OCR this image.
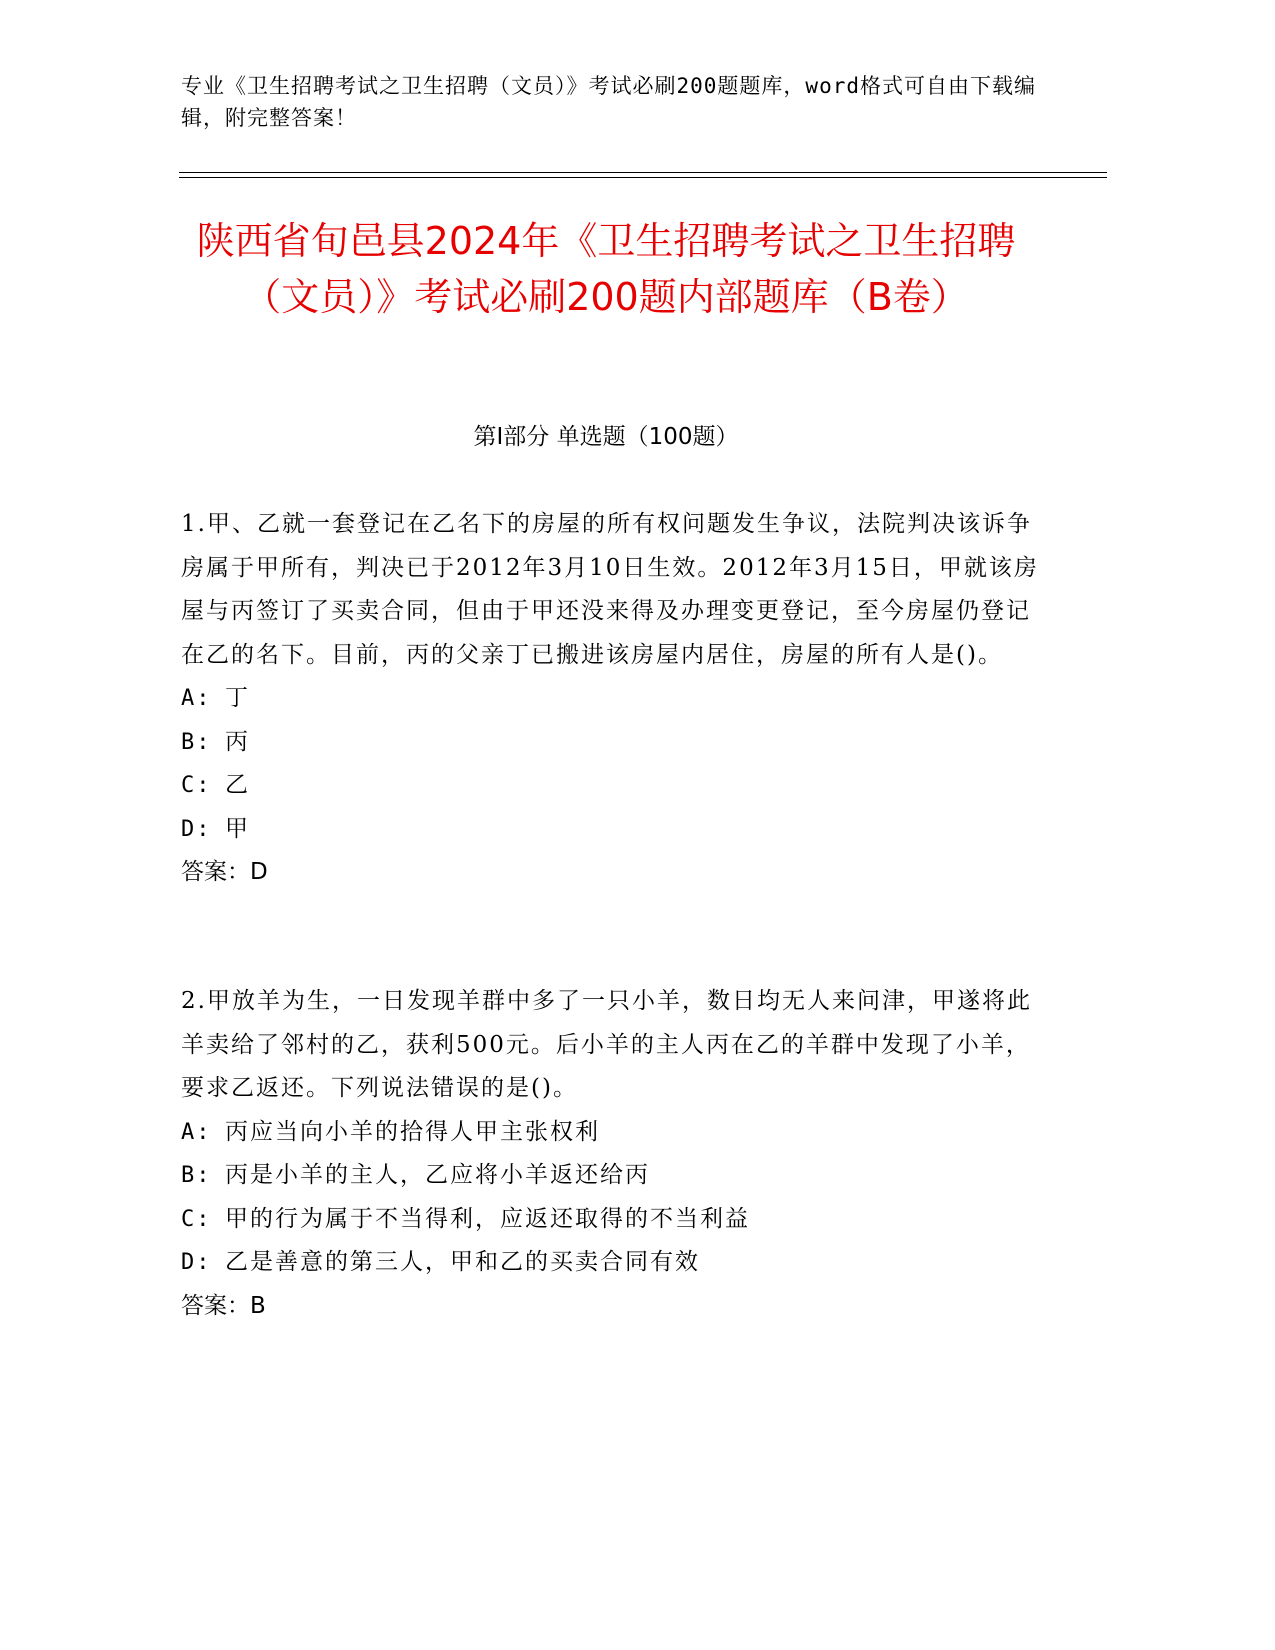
专业《卫生招聘考试之卫生招聘（文员）》考试必刷200题题库，word格式可自由下载编辑，附完整答案！
陕西省旬邑县2024年《卫生招聘考试之卫生招聘（文员）》考试必刷200题内部题库（B卷）
第Ⅰ部分 单选题（100题）

1.甲、乙就一套登记在乙名下的房屋的所有权问题发生争议，法院判决该诉争房属于甲所有，判决已于2012年3月10日生效。2012年3月15日，甲就该房屋与丙签订了买卖合同，但由于甲还没来得及办理变更登记，至今房屋仍登记在乙的名下。目前，丙的父亲丁已搬进该房屋内居住，房屋的所有人是()。

A: 丁
B: 丙
C: 乙
D: 甲
答案：D

2.甲放羊为生，一日发现羊群中多了一只小羊，数日均无人来问津，甲遂将此羊卖给了邻村的乙，获利500元。后小羊的主人丙在乙的羊群中发现了小羊，要求乙返还。下列说法错误的是()。

A: 丙应当向小羊的拾得人甲主张权利
B: 丙是小羊的主人，乙应将小羊返还给丙
C: 甲的行为属于不当得利，应返还取得的不当利益
D: 乙是善意的第三人，甲和乙的买卖合同有效
答案：B
